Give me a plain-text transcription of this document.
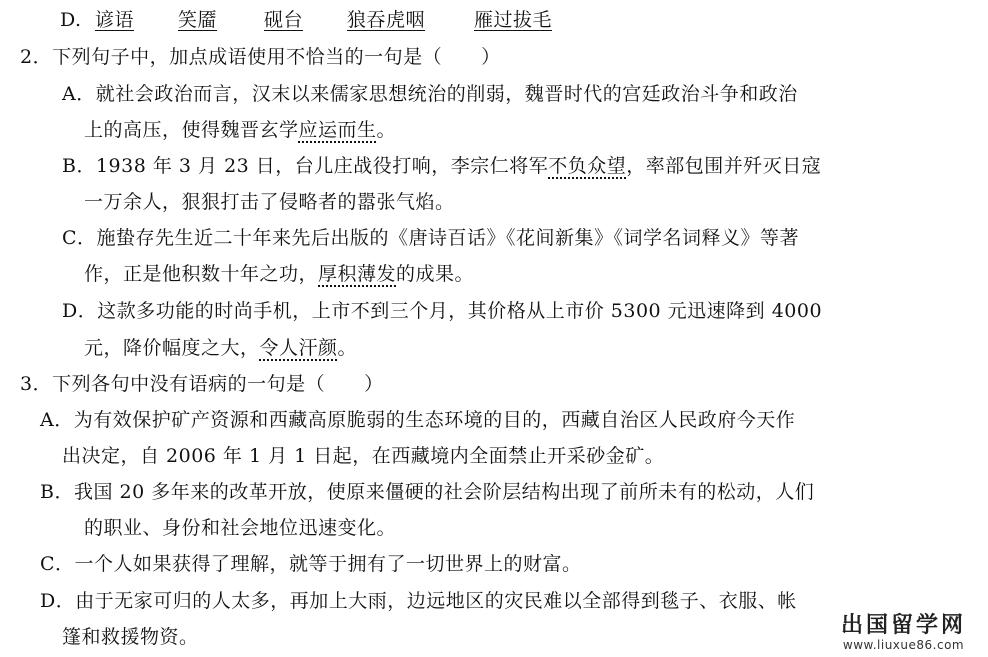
D. 谚语 笑靥 砚台 狼吞虎咽	雁过拔毛
2．下列句子中，加点成语使用不恰当的一句是（　　）
A．就社会政治而言，汉末以来儒家思想统治的削弱，魏晋时代的宫廷政治斗争和政治
上的高压，使得魏晋玄学应运而生。
B．1938 年 3 月 23 日，台儿庄战役打响，李宗仁将军不负众望，率部包围并歼灭日寇
一万余人，狠狠打击了侵略者的嚣张气焰。
C．施蛰存先生近二十年来先后出版的《唐诗百话》《花间新集》《词学名词释义》等著
作，正是他积数十年之功，厚积薄发的成果。
D．这款多功能的时尚手机，上市不到三个月，其价格从上市价 5300 元迅速降到 4000
元，降价幅度之大，令人汗颜。
3．下列各句中没有语病的一句是（　　）
A．为有效保护矿产资源和西藏高原脆弱的生态环境的目的，西藏自治区人民政府今天作
出决定，自 2006 年 1 月 1 日起，在西藏境内全面禁止开采砂金矿。
B．我国 20 多年来的改革开放，使原来僵硬的社会阶层结构出现了前所未有的松动，人们
的职业、身份和社会地位迅速变化。
C．一个人如果获得了理解，就等于拥有了一切世界上的财富。
D．由于无家可归的人太多，再加上大雨，边远地区的灾民难以全部得到毯子、衣服、帐
篷和救援物资。	出国留学网
www.liuxue86.com
